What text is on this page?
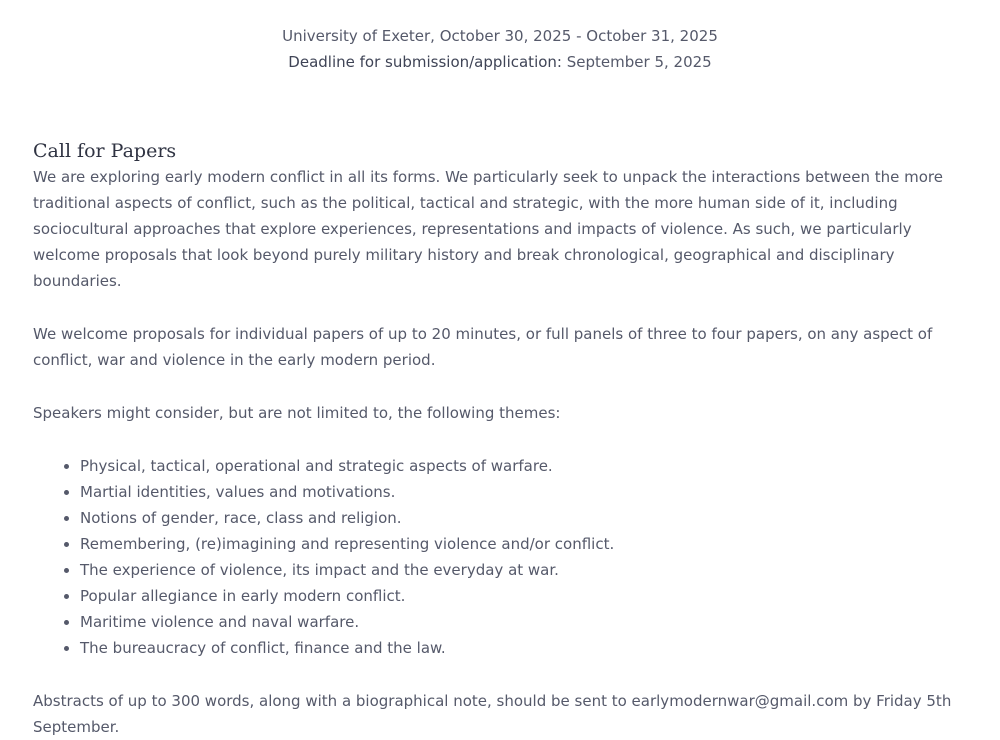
University of Exeter, October 30, 2025 - October 31, 2025
Deadline for submission/application: September 5, 2025
Call for Papers

We are exploring early modern conflict in all its forms. We particularly seek to unpack the interactions between the more traditional aspects of conflict, such as the political, tactical and strategic, with the more human side of it, including sociocultural approaches that explore experiences, representations and impacts of violence. As such, we particularly welcome proposals that look beyond purely military history and break chronological, geographical and disciplinary boundaries.

We welcome proposals for individual papers of up to 20 minutes, or full panels of three to four papers, on any aspect of conflict, war and violence in the early modern period.

Speakers might consider, but are not limited to, the following themes:

• Physical, tactical, operational and strategic aspects of warfare.
• Martial identities, values and motivations.
• Notions of gender, race, class and religion.
• Remembering, (re)imagining and representing violence and/or conflict.
• The experience of violence, its impact and the everyday at war.
• Popular allegiance in early modern conflict.
• Maritime violence and naval warfare.
• The bureaucracy of conflict, finance and the law.

Abstracts of up to 300 words, along with a biographical note, should be sent to earlymodernwar@gmail.com by Friday 5th September.
